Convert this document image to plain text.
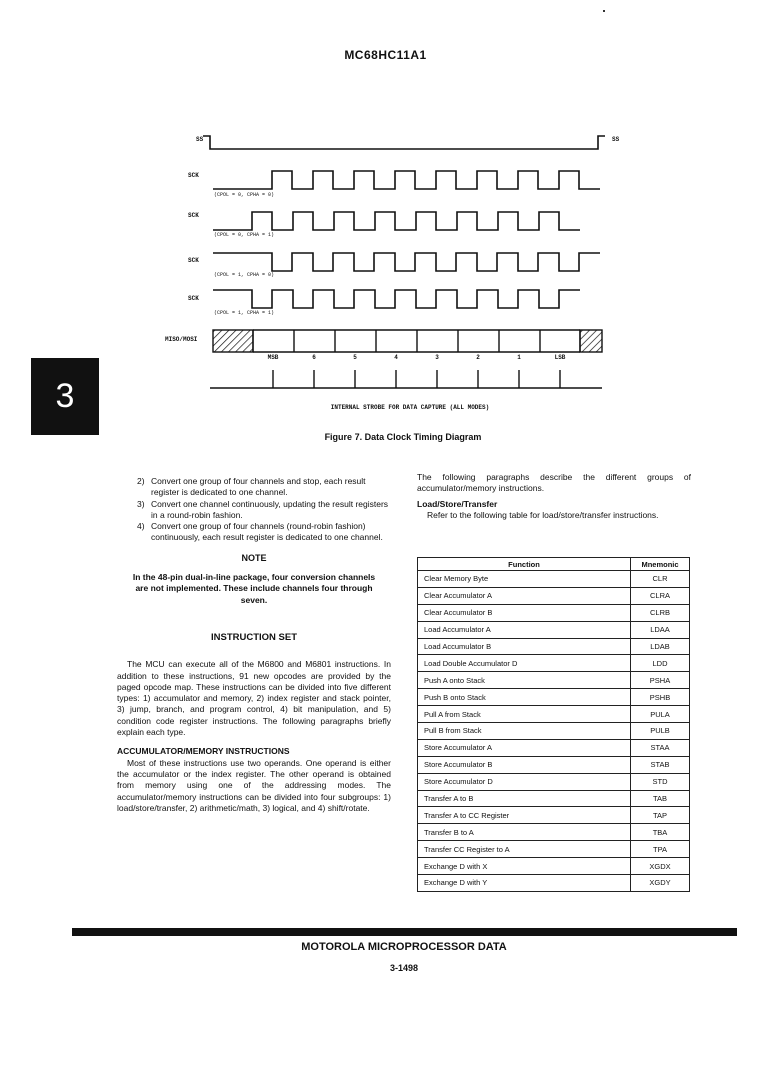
MC68HC11A1
3
SS	SS
SCK
SCK
SCK
SCK
MISO/MOSI
(CPOL = 0, CPHA = 0)
(CPOL = 0, CPHA = 1)
(CPOL = 1, CPHA = 0)
(CPOL = 1, CPHA = 1)
MSB	6	5	4	3	2	1	LSB
INTERNAL STROBE FOR DATA CAPTURE (ALL MODES)
Figure 7. Data Clock Timing Diagram
2) Convert one group of four channels and stop, each result register is dedicated to one channel.
3) Convert one channel continuously, updating the result registers in a round-robin fashion.
4) Convert one group of four channels (round-robin fashion) continuously, each result register is dedicated to one channel.
NOTE
In the 48-pin dual-in-line package, four conversion channels are not implemented. These include channels four through seven.
INSTRUCTION SET
The MCU can execute all of the M6800 and M6801 instructions. In addition to these instructions, 91 new opcodes are provided by the paged opcode map. These instructions can be divided into five different types: 1) accumulator and memory, 2) index register and stack pointer, 3) jump, branch, and program control, 4) bit manipulation, and 5) condition code register instructions. The following paragraphs briefly explain each type.
ACCUMULATOR/MEMORY INSTRUCTIONS
Most of these instructions use two operands. One operand is either the accumulator or the index register. The other operand is obtained from memory using one of the addressing modes. The accumulator/memory instructions can be divided into four subgroups: 1) load/store/transfer, 2) arithmetic/math, 3) logical, and 4) shift/rotate.
The following paragraphs describe the different groups of accumulator/memory instructions.
Load/Store/Transfer
Refer to the following table for load/store/transfer instructions.
Function	Mnemonic
Clear Memory Byte	CLR
Clear Accumulator A	CLRA
Clear Accumulator B	CLRB
Load Accumulator A	LDAA
Load Accumulator B	LDAB
Load Double Accumulator D	LDD
Push A onto Stack	PSHA
Push B onto Stack	PSHB
Pull A from Stack	PULA
Pull B from Stack	PULB
Store Accumulator A	STAA
Store Accumulator B	STAB
Store Accumulator D	STD
Transfer A to B	TAB
Transfer A to CC Register	TAP
Transfer B to A	TBA
Transfer CC Register to A	TPA
Exchange D with X	XGDX
Exchange D with Y	XGDY
MOTOROLA MICROPROCESSOR DATA
3-1498
